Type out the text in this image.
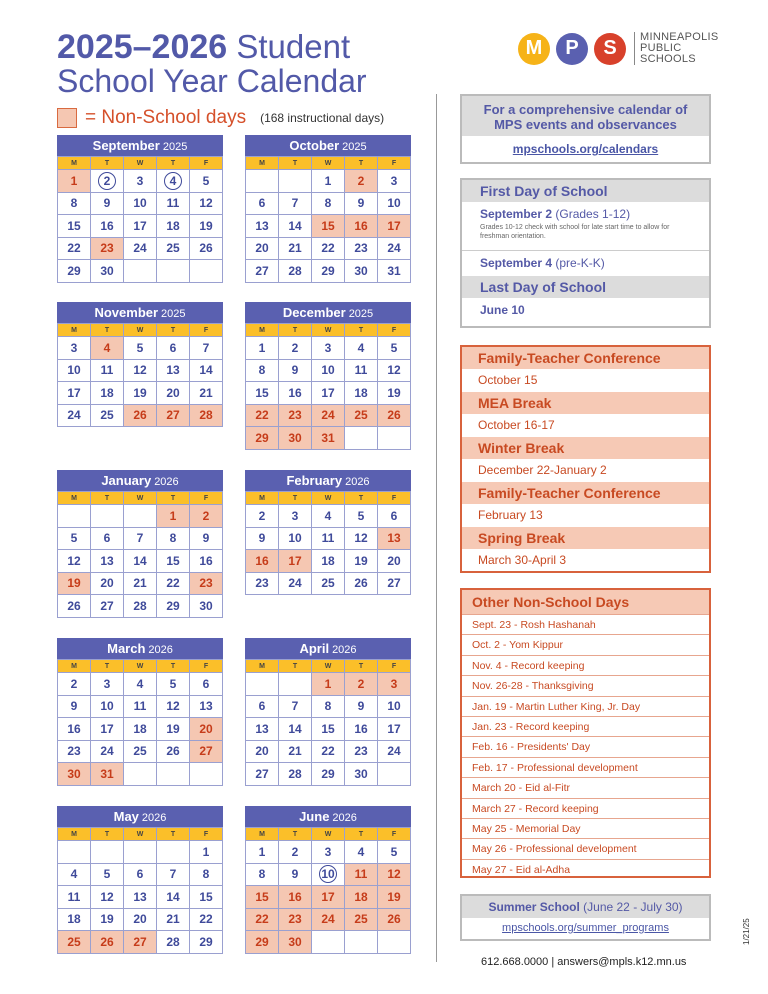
2025–2026 Student
School Year Calendar
M	P	S	MINNEAPOLIS
PUBLIC
SCHOOLS
= Non-School days (168 instructional days)
September 2025
M	T	W	T	F
1	2	3	4	5
8	9	10	11	12
15	16	17	18	19
22	23	24	25	26
29	30			
October 2025
M	T	W	T	F
		1	2	3
6	7	8	9	10
13	14	15	16	17
20	21	22	23	24
27	28	29	30	31
November 2025
M	T	W	T	F
3	4	5	6	7
10	11	12	13	14
17	18	19	20	21
24	25	26	27	28
December 2025
M	T	W	T	F
1	2	3	4	5
8	9	10	11	12
15	16	17	18	19
22	23	24	25	26
29	30	31		
January 2026
M	T	W	T	F
			1	2
5	6	7	8	9
12	13	14	15	16
19	20	21	22	23
26	27	28	29	30
February 2026
M	T	W	T	F
2	3	4	5	6
9	10	11	12	13
16	17	18	19	20
23	24	25	26	27
March 2026
M	T	W	T	F
2	3	4	5	6
9	10	11	12	13
16	17	18	19	20
23	24	25	26	27
30	31			
April 2026
M	T	W	T	F
		1	2	3
6	7	8	9	10
13	14	15	16	17
20	21	22	23	24
27	28	29	30	
May 2026
M	T	W	T	F
				1
4	5	6	7	8
11	12	13	14	15
18	19	20	21	22
25	26	27	28	29
June 2026
M	T	W	T	F
1	2	3	4	5
8	9	10	11	12
15	16	17	18	19
22	23	24	25	26
29	30			
For a comprehensive calendar of MPS events and observances
mpschools.org/calendars
First Day of School
September 2 (Grades 1-12)
Grades 10-12 check with school for late start time to allow for freshman orientation.
September 4 (pre-K-K)
Last Day of School
June 10
Family-Teacher Conference
October 15
MEA Break
October 16-17
Winter Break
December 22-January 2
Family-Teacher Conference
February 13
Spring Break
March 30-April 3
Other Non-School Days
Sept. 23 - Rosh Hashanah
Oct. 2 - Yom Kippur
Nov. 4 - Record keeping
Nov. 26-28 - Thanksgiving
Jan. 19 - Martin Luther King, Jr. Day
Jan. 23 - Record keeping
Feb. 16 - Presidents' Day
Feb. 17 - Professional development
March 20 - Eid al-Fitr
March 27 - Record keeping
May 25 - Memorial Day
May 26 - Professional development
May 27 - Eid al-Adha
Summer School (June 22 - July 30)
mpschools.org/summer_programs
612.668.0000 | answers@mpls.k12.mn.us
1/21/25
